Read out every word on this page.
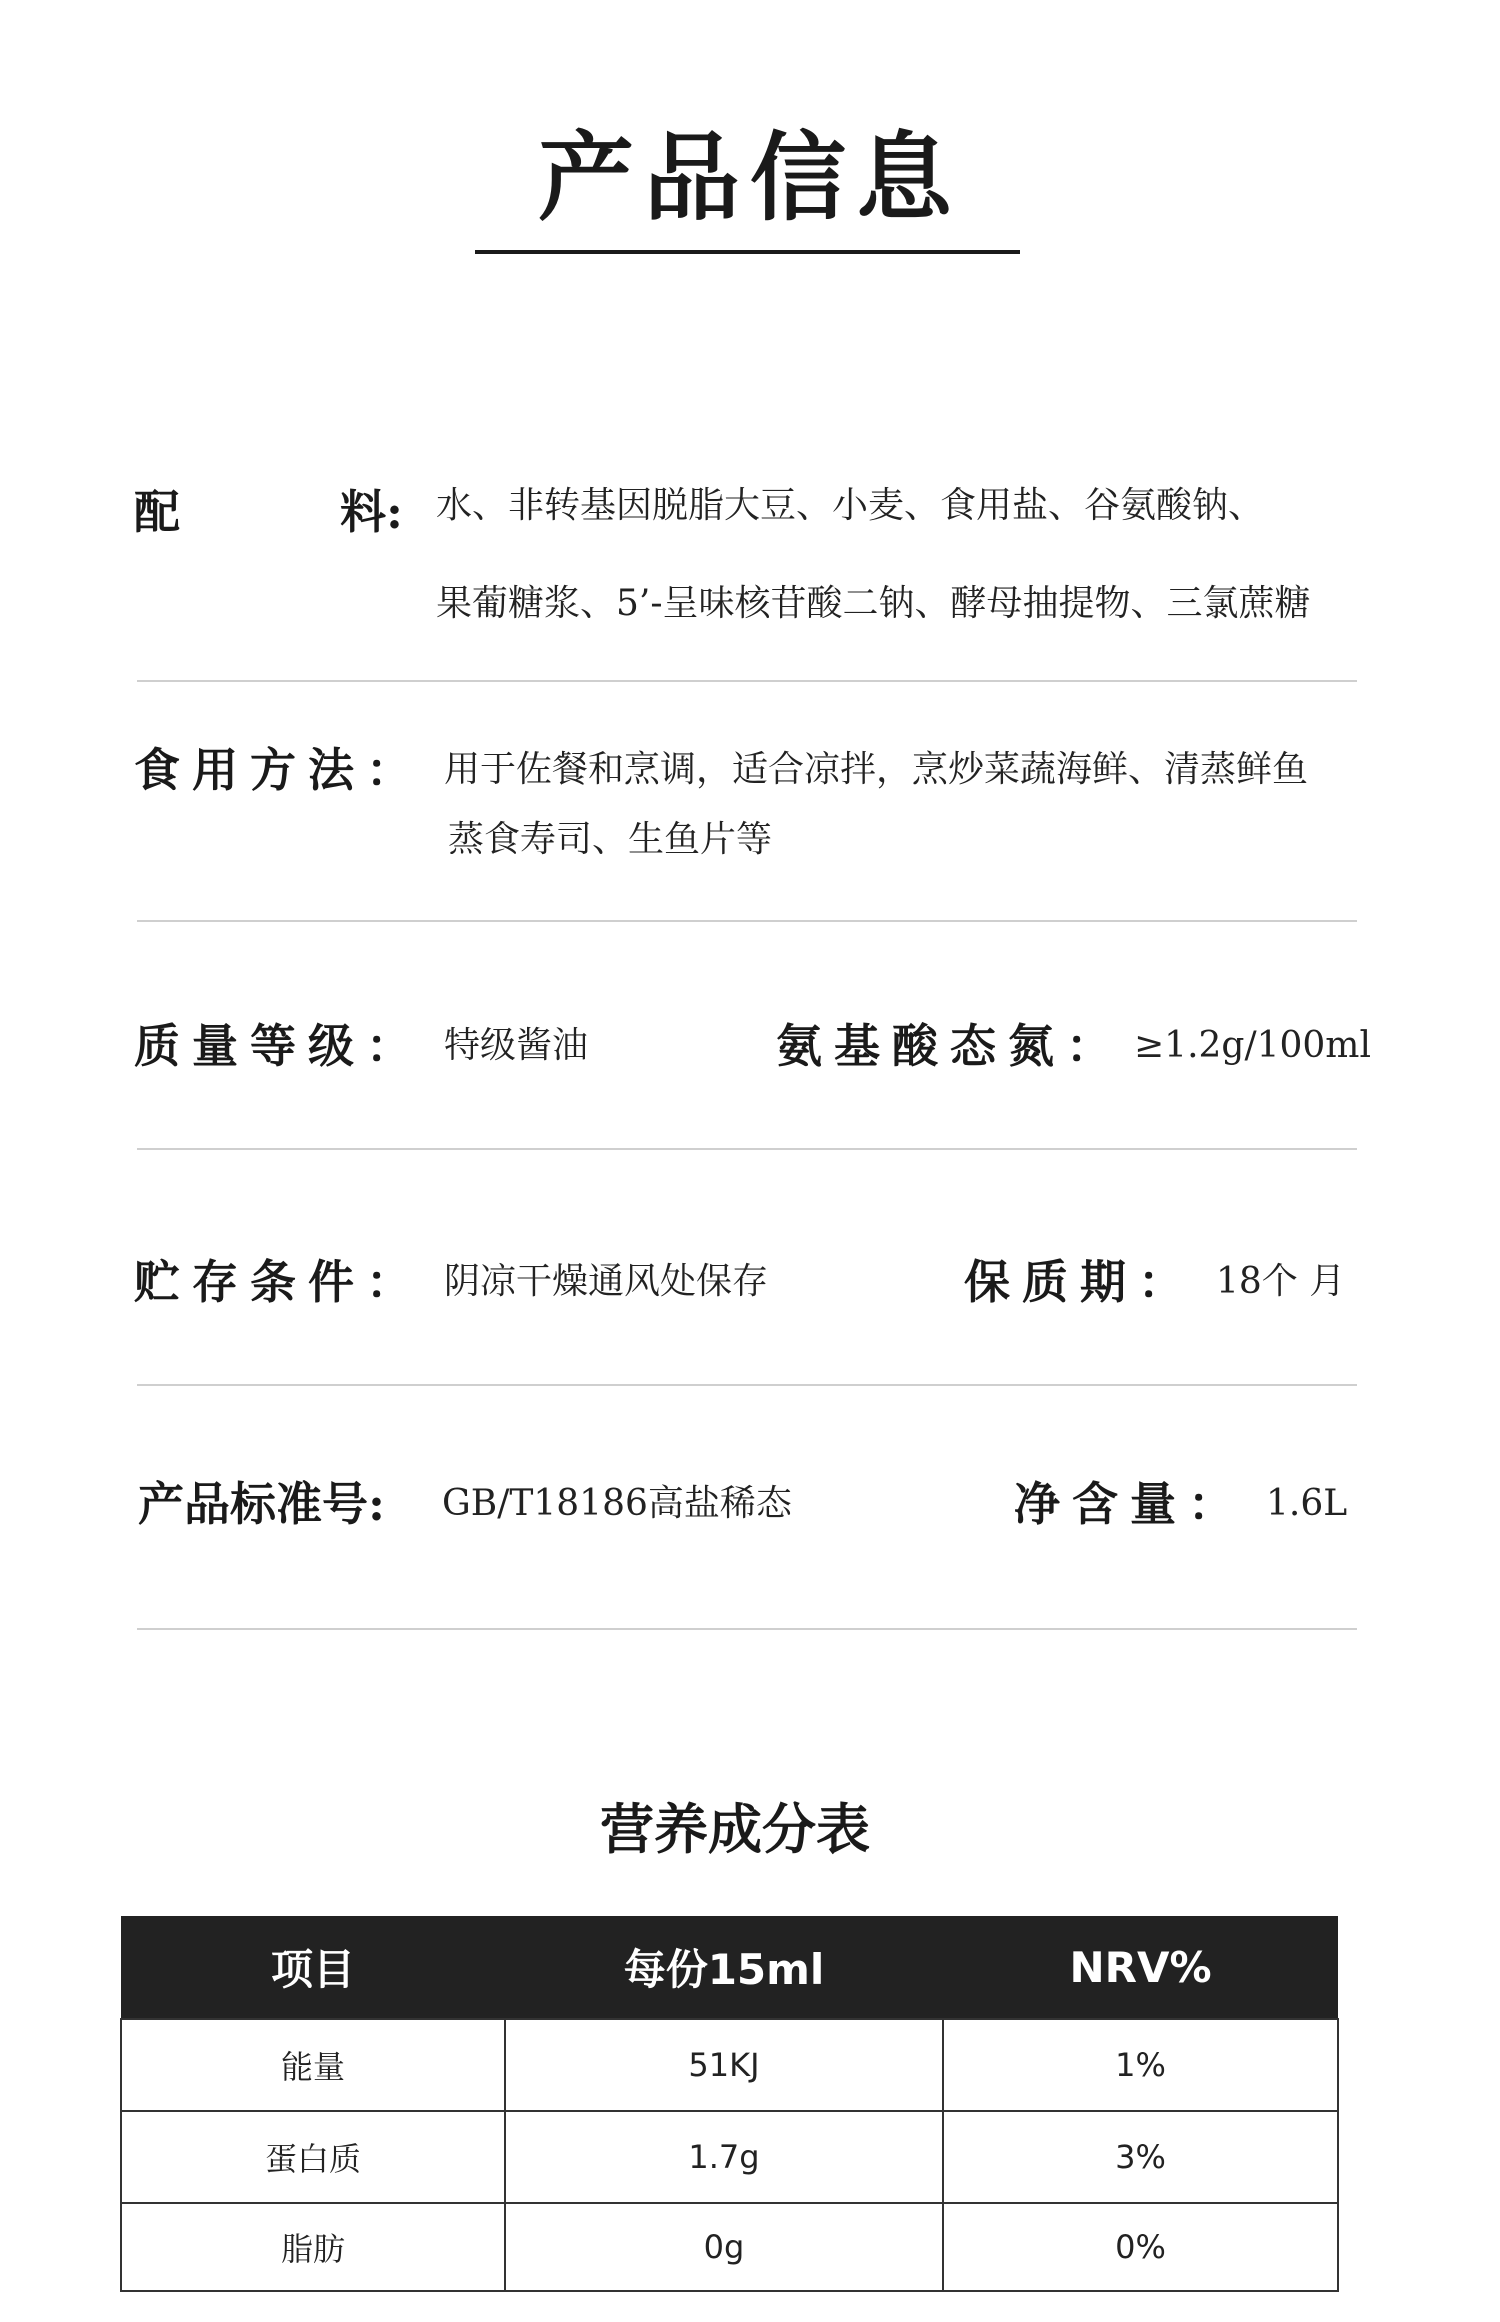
产品信息
配	料: 水、非转基因脱脂大豆、小麦、食用盐、谷氨酸钠、
果葡糖浆、5’-呈味核苷酸二钠、酵母抽提物、三氯蔗糖
食用方法： 用于佐餐和烹调，适合凉拌，烹炒菜蔬海鲜、清蒸鲜鱼
蒸食寿司、生鱼片等
质量等级： 特级酱油	氨基酸态氮： ≥1.2g/100ml
贮存条件： 阴凉干燥通风处保存	保质期： 18个 月
产品标准号: GB/T18186高盐稀态	净含量： 1.6L
营养成分表
项目	每份15ml	NRV%
能量	51KJ	1%
蛋白质	1.7g	3%
脂肪	0g	0%
